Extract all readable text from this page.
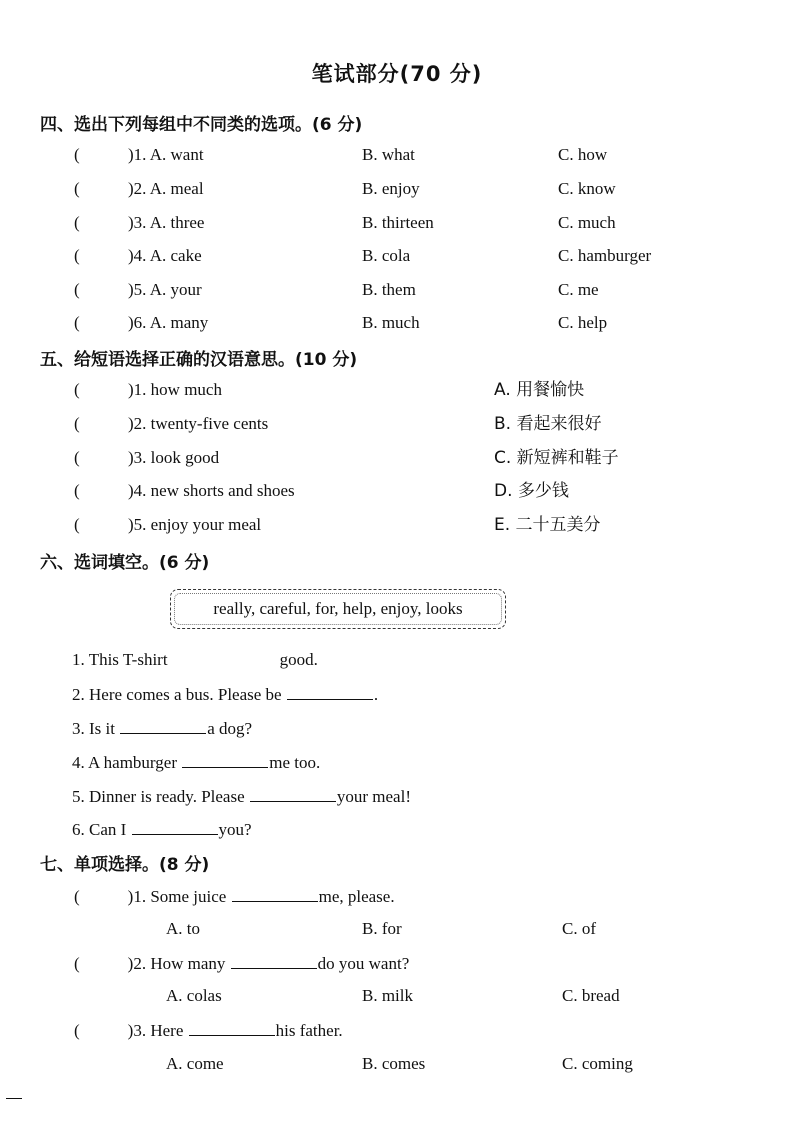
笔试部分(70 分)
四、选出下列每组中不同类的选项。(6 分)
(	)1. A. want	B. what	C. how
(	)2. A. meal	B. enjoy	C. know
(	)3. A. three	B. thirteen	C. much
(	)4. A. cake	B. cola	C. hamburger
(	)5. A. your	B. them	C. me
(	)6. A. many	B. much	C. help
五、给短语选择正确的汉语意思。(10 分)
(	)1. how much	A. 用餐愉快
(	)2. twenty-five cents	B. 看起来很好
(	)3. look good	C. 新短裤和鞋子
(	)4. new shorts and shoes	D. 多少钱
(	)5. enjoy your meal	E. 二十五美分
六、选词填空。(6 分)
really, careful, for, help, enjoy, looks
1. This T-shirt	good.
2. Here comes a bus. Please be	.
3. Is it	a dog?
4. A hamburger	me too.
5. Dinner is ready. Please	your meal!
6. Can I	you?
七、单项选择。(8 分)
(	)1. Some juice	me, please.
A. to	B. for	C. of
(	)2. How many	do you want?
A. colas	B. milk	C. bread
(	)3. Here	his father.
A. come	B. comes	C. coming
